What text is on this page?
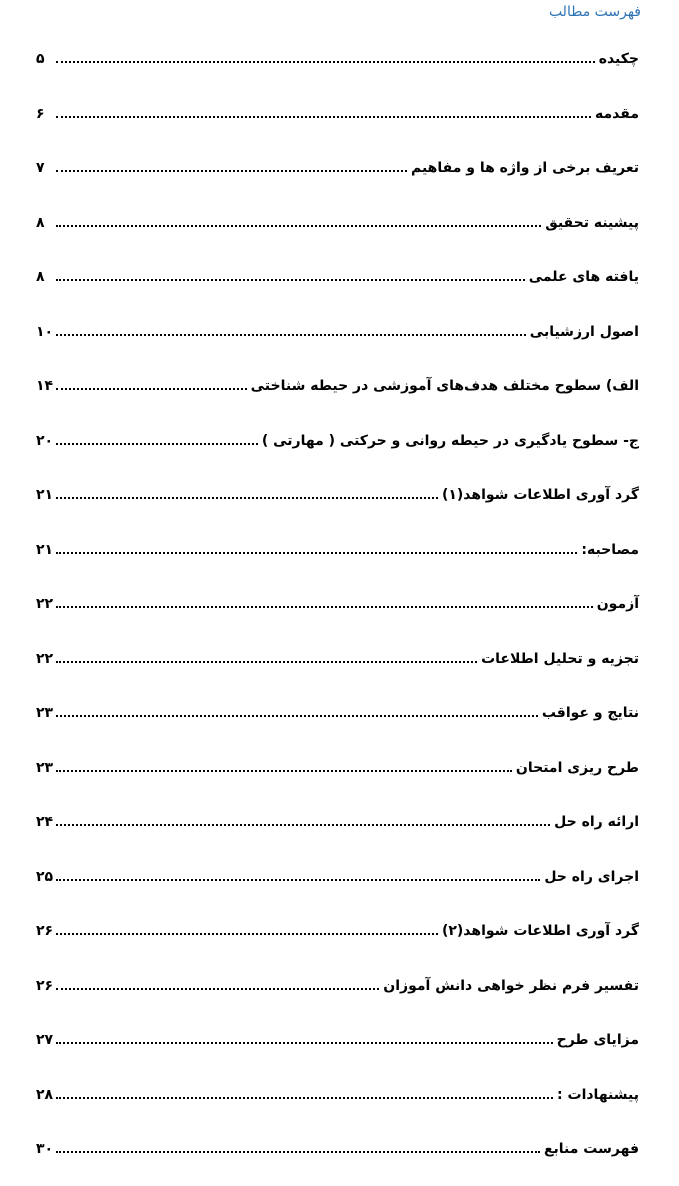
فهرست مطالب
چکیده
۵
مقدمه
۶
تعریف برخی از واژه ها و مفاهیم
۷
پیشینه تحقیق
۸
یافته های علمی
۸
اصول ارزشیابی
۱۰
الف) سطوح مختلف هدف‌های آموزشی در حیطه شناختی
۱۴
ج- سطوح یادگیری در حیطه روانی و حرکتی ( مهارتی )
۲۰
گرد آوری اطلاعات شواهد(۱)
۲۱
مصاحبه:
۲۱
آزمون
۲۲
تجزیه و تحلیل اطلاعات
۲۲
نتایج و عواقب
۲۳
طرح ریزی امتحان
۲۳
ارائه راه حل
۲۴
اجرای راه حل
۲۵
گرد آوری اطلاعات شواهد(۲)
۲۶
تفسیر فرم نظر خواهی دانش آموزان
۲۶
مزایای طرح
۲۷
پیشنهادات :
۲۸
فهرست منابع
۳۰
